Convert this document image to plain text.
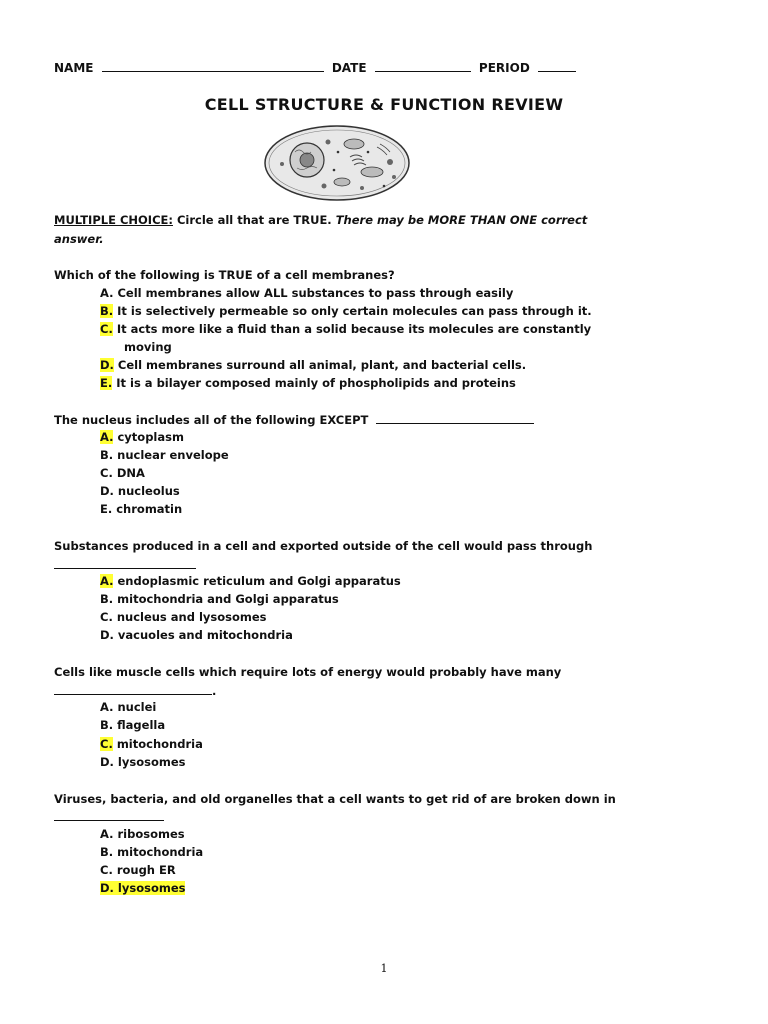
NAME	DATE	PERIOD
CELL STRUCTURE & FUNCTION REVIEW
MULTIPLE CHOICE: Circle all that are TRUE. There may be MORE THAN ONE correct
answer.
Which of the following is TRUE of a cell membranes?
A. Cell membranes allow ALL substances to pass through easily
B. It is selectively permeable so only certain molecules can pass through it.
C. It acts more like a fluid than a solid because its molecules are constantly
moving
D. Cell membranes surround all animal, plant, and bacterial cells.
E. It is a bilayer composed mainly of phospholipids and proteins
The nucleus includes all of the following EXCEPT
A. cytoplasm
B. nuclear envelope
C. DNA
D. nucleolus
E. chromatin
Substances produced in a cell and exported outside of the cell would pass through
A. endoplasmic reticulum and Golgi apparatus
B. mitochondria and Golgi apparatus
C. nucleus and lysosomes
D. vacuoles and mitochondria
Cells like muscle cells which require lots of energy would probably have many
.
A. nuclei
B. flagella
C. mitochondria
D. lysosomes
Viruses, bacteria, and old organelles that a cell wants to get rid of are broken down in
A. ribosomes
B. mitochondria
C. rough ER
D. lysosomes
1
